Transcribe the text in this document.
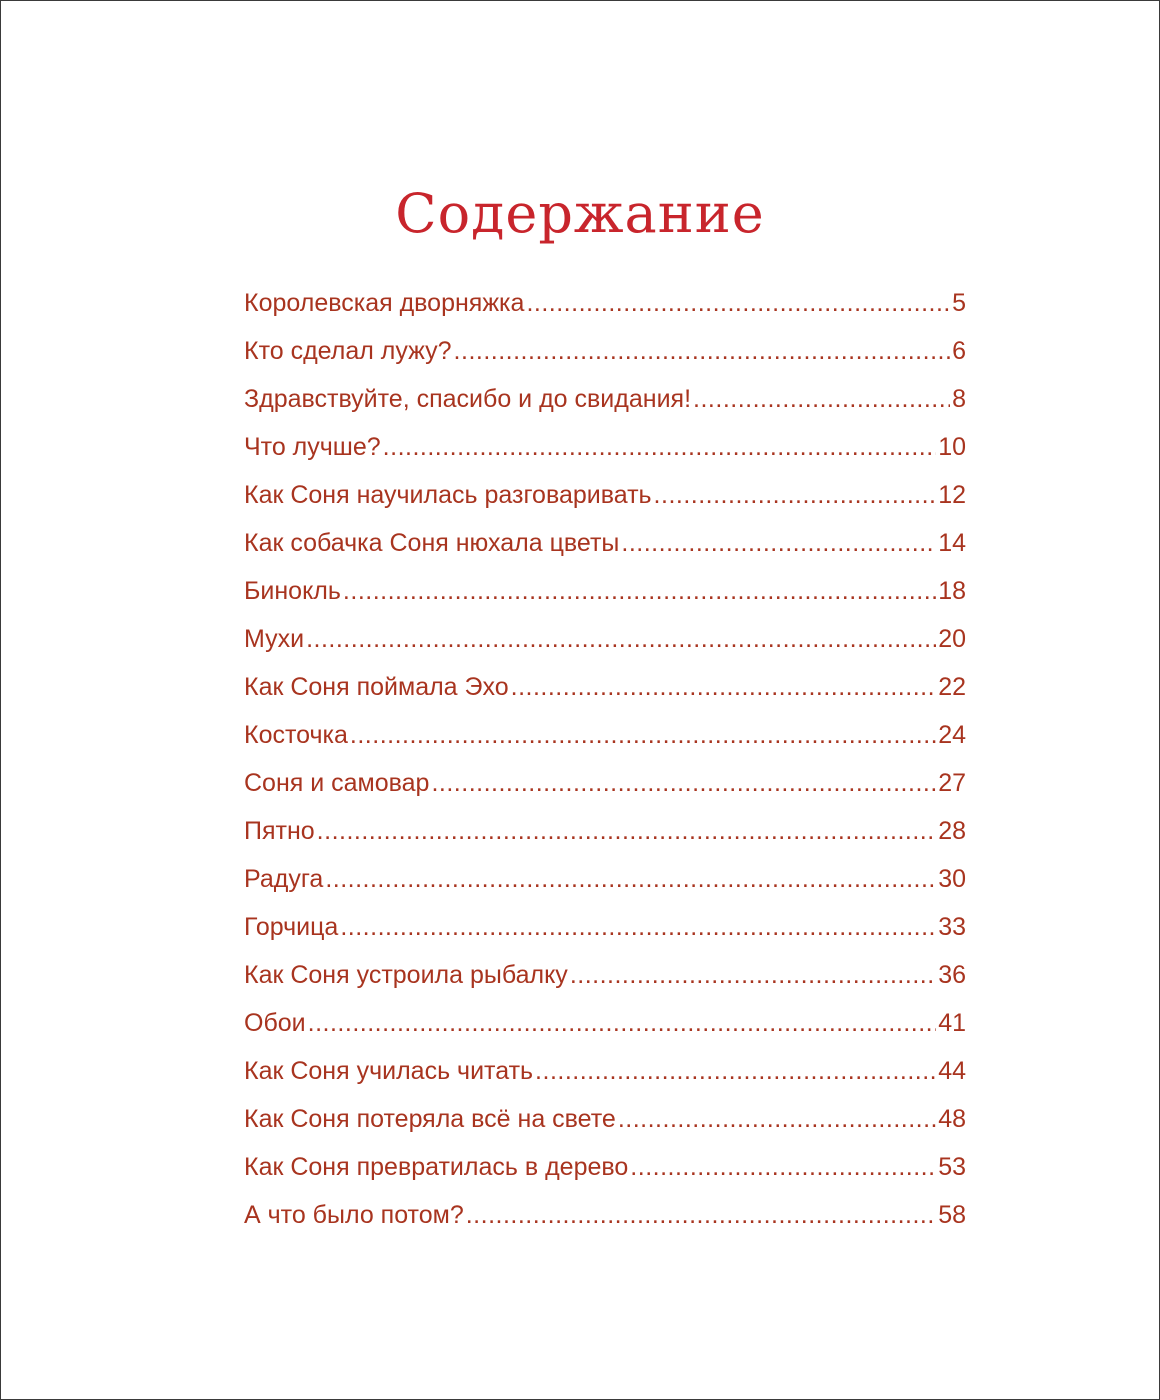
Содержание
Королевская дворняжка .....	5
Кто сделал лужу? .....	6
Здравствуйте, спасибо и до свидания! .....	8
Что лучше? .....	10
Как Соня научилась разговаривать .....	12
Как собачка Соня нюхала цветы .....	14
Бинокль .....	18
Мухи .....	20
Как Соня поймала Эхо .....	22
Косточка .....	24
Соня и самовар .....	27
Пятно .....	28
Радуга .....	30
Горчица .....	33
Как Соня устроила рыбалку .....	36
Обои .....	41
Как Соня училась читать .....	44
Как Соня потеряла всё на свете .....	48
Как Соня превратилась в дерево .....	53
А что было потом? .....	58
